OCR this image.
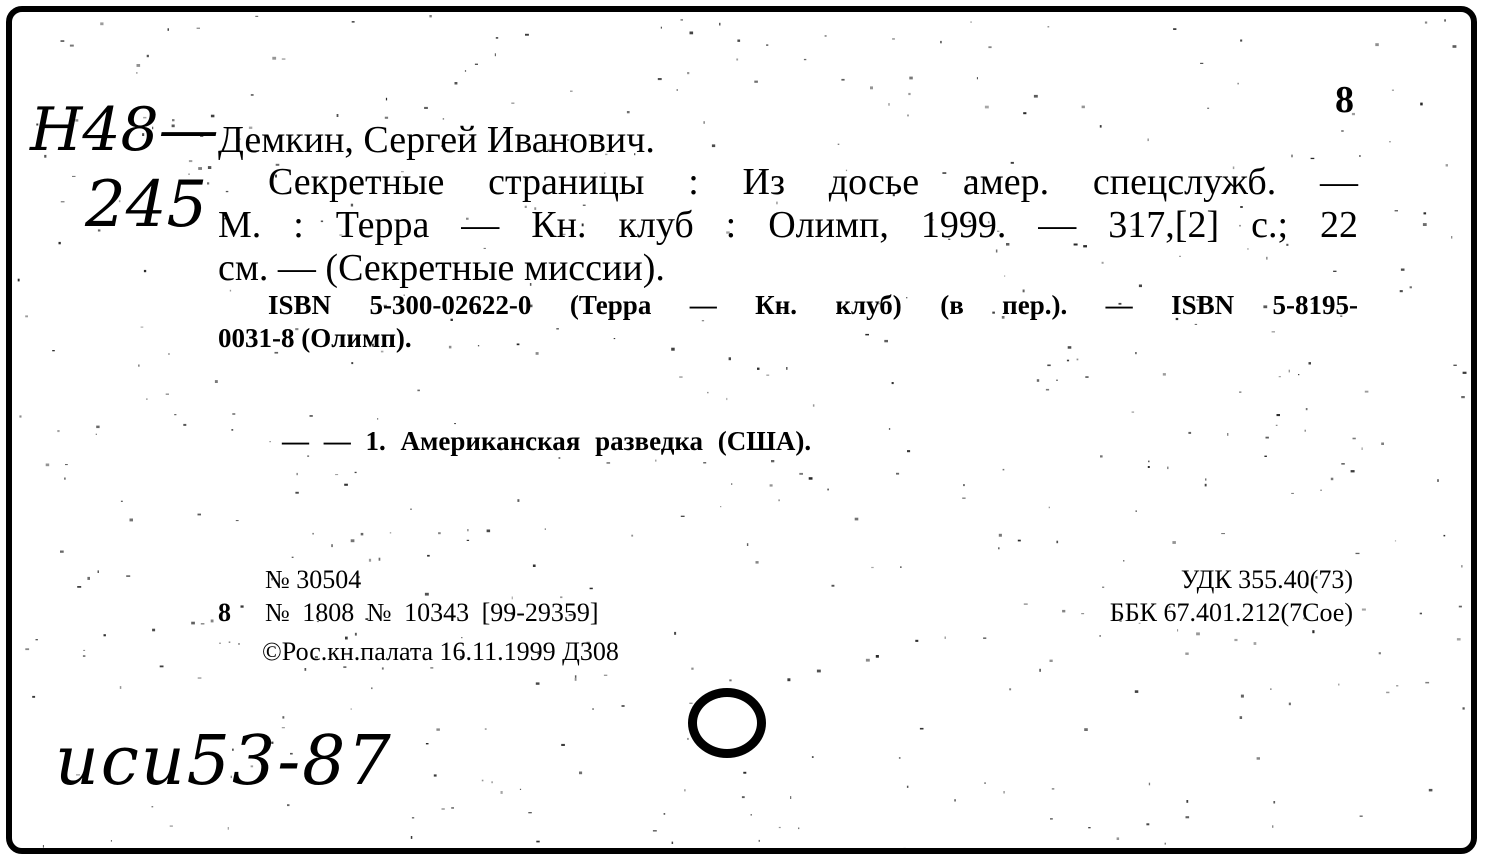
8
Н48—
245
Демкин, Сергей Иванович.
Секретные страницы : Из досье амер. спецслужб. —
М. : Терра — Кн. клуб : Олимп, 1999. — 317,[2] с.; 22
см. — (Секретные миссии).
ISBN 5-300-02622-0 (Терра — Кн. клуб) (в пер.). — ISBN 5-8195-
0031-8 (Олимп).
— — 1. Американская разведка (США).
№ 30504
8 № 1808 № 10343 [99-29359]
©Рос.кн.палата 16.11.1999 Д308
УДК 355.40(73)
ББК 67.401.212(7Сое)
иси53-87
